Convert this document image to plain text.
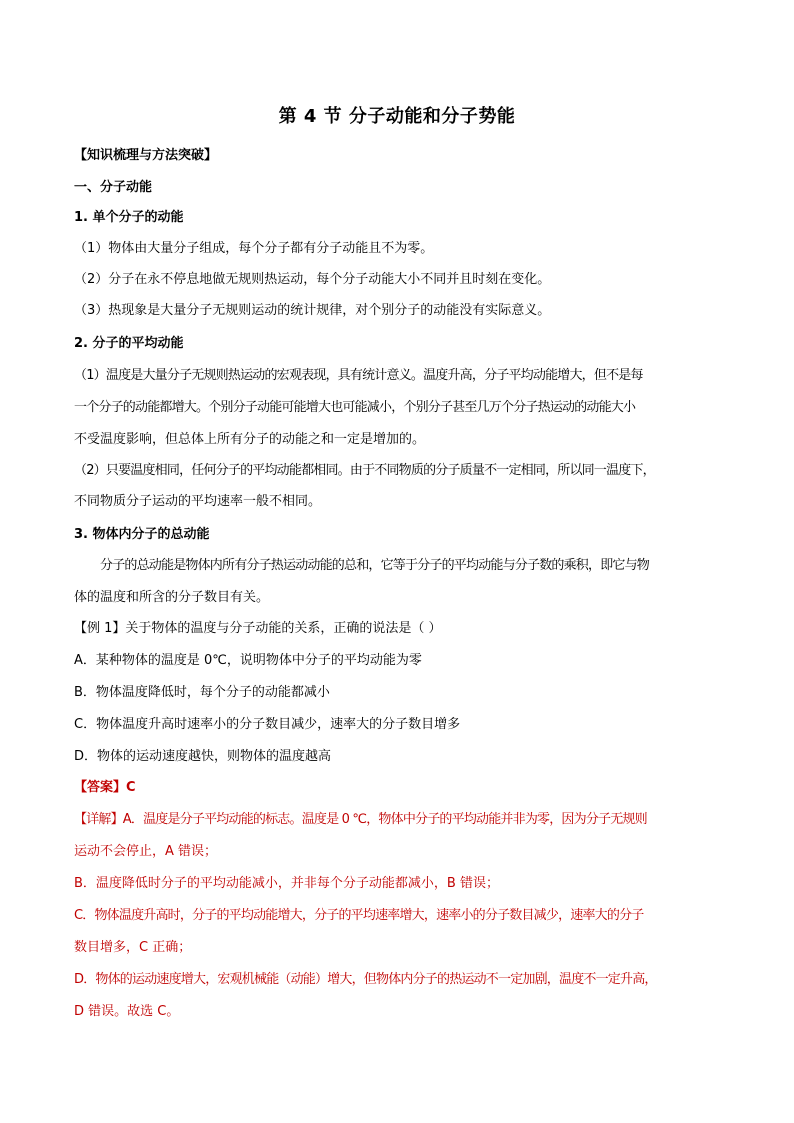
第 4 节 分子动能和分子势能
【知识梳理与方法突破】
一、分子动能
1. 单个分子的动能
（1）物体由大量分子组成，每个分子都有分子动能且不为零。
（2）分子在永不停息地做无规则热运动，每个分子动能大小不同并且时刻在变化。
（3）热现象是大量分子无规则运动的统计规律，对个别分子的动能没有实际意义。
2. 分子的平均动能
（1）温度是大量分子无规则热运动的宏观表现，具有统计意义。温度升高，分子平均动能增大，但不是每
一个分子的动能都增大。个别分子动能可能增大也可能减小，个别分子甚至几万个分子热运动的动能大小
不受温度影响，但总体上所有分子的动能之和一定是增加的。
（2）只要温度相同，任何分子的平均动能都相同。由于不同物质的分子质量不一定相同，所以同一温度下，
不同物质分子运动的平均速率一般不相同。
3. 物体内分子的总动能
分子的总动能是物体内所有分子热运动动能的总和，它等于分子的平均动能与分子数的乘积，即它与物
体的温度和所含的分子数目有关。
【例 1】关于物体的温度与分子动能的关系，正确的说法是（ ）
A．某种物体的温度是 0℃，说明物体中分子的平均动能为零
B．物体温度降低时，每个分子的动能都减小
C．物体温度升高时速率小的分子数目减少，速率大的分子数目增多
D．物体的运动速度越快，则物体的温度越高
【答案】C
【详解】A．温度是分子平均动能的标志。温度是 0 ℃，物体中分子的平均动能并非为零，因为分子无规则
运动不会停止，A 错误；
B．温度降低时分子的平均动能减小，并非每个分子动能都减小，B 错误；
C．物体温度升高时，分子的平均动能增大，分子的平均速率增大，速率小的分子数目减少，速率大的分子
数目增多，C 正确；
D．物体的运动速度增大，宏观机械能（动能）增大，但物体内分子的热运动不一定加剧，温度不一定升高，
D 错误。故选 C。
